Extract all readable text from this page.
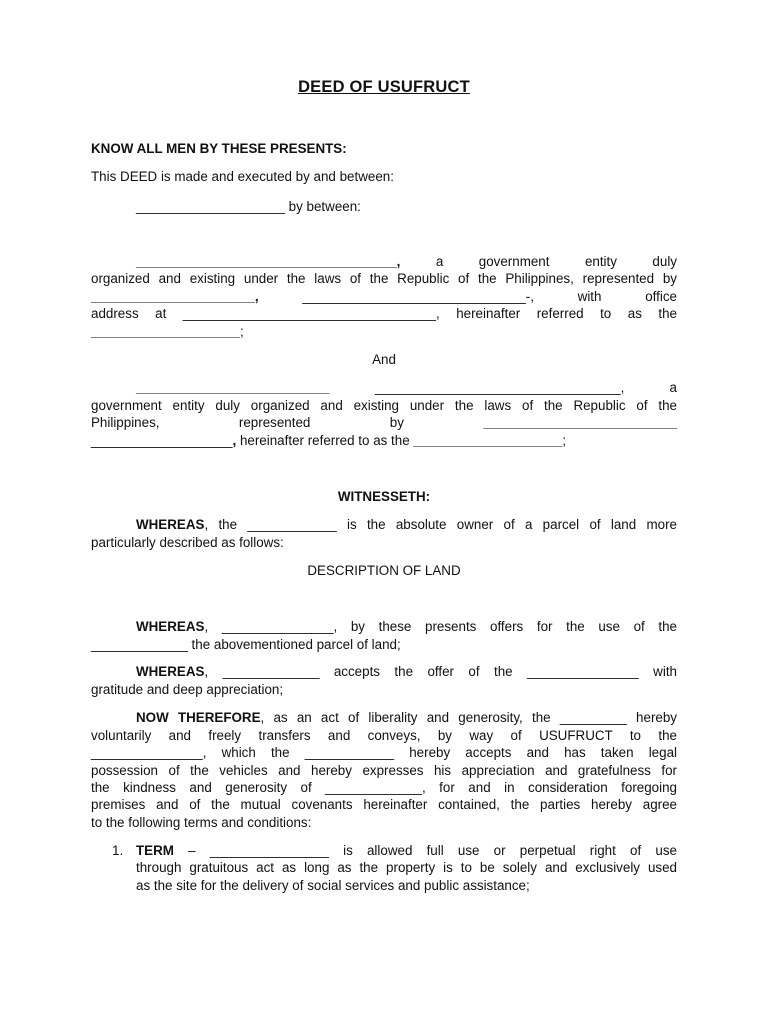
DEED OF USUFRUCT

KNOW ALL MEN BY THESE PRESENTS:

This DEED is made and executed by and between:

____________________ by between:

___________________________________, a government entity duly

organized and existing under the laws of the Republic of the Philippines, represented by

______________________, ______________________________-, with office

address at __________________________________, hereinafter referred to as the

____________________;

And

__________________________ _________________________________, a

government entity duly organized and existing under the laws of the Republic of the

Philippines, represented by	__________________________

___________________, hereinafter referred to as the ____________________;

WITNESSETH:

WHEREAS, the ____________ is the absolute owner of a parcel of land more

particularly described as follows:

DESCRIPTION OF LAND

WHEREAS, _______________, by these presents offers for the use of the

_____________ the abovementioned parcel of land;

WHEREAS, _____________ accepts the offer of the _______________ with

gratitude and deep appreciation;

NOW THEREFORE, as an act of liberality and generosity, the _________ hereby

voluntarily and freely transfers and conveys, by way of USUFRUCT to the

_______________, which the ____________ hereby accepts and has taken legal

possession of the vehicles and hereby expresses his appreciation and gratefulness for

the kindness and generosity of _____________, for and in consideration foregoing

premises and of the mutual covenants hereinafter contained, the parties hereby agree

to the following terms and conditions:

1. TERM – ________________ is allowed full use or perpetual right of use

through gratuitous act as long as the property is to be solely and exclusively used

as the site for the delivery of social services and public assistance;
